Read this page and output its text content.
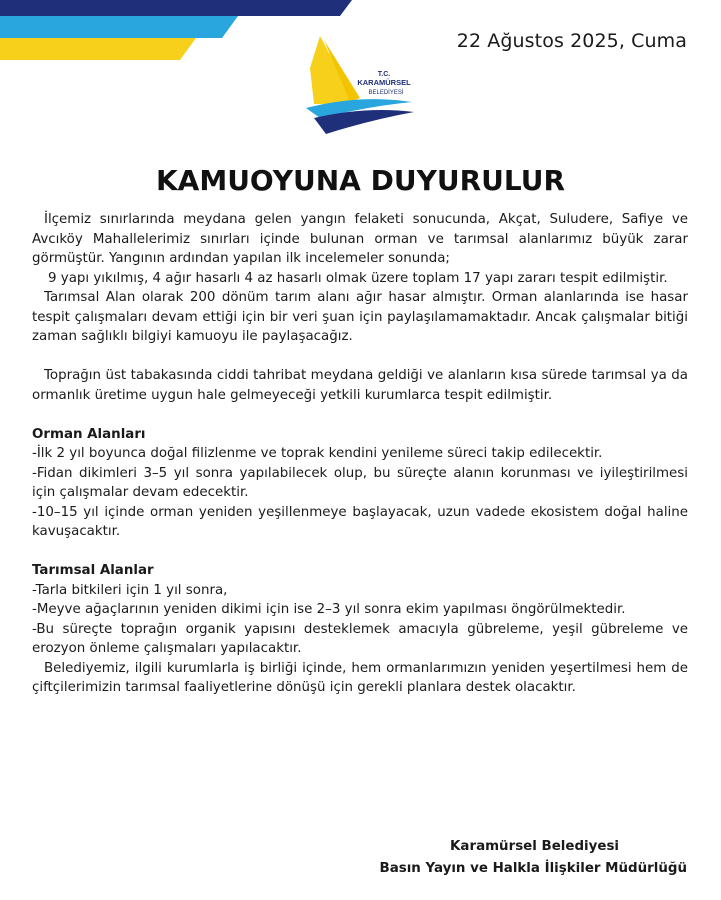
22 Ağustos 2025, Cuma
T.C.
KARAMÜRSEL
BELEDİYESİ
KAMUOYUNA DUYURULUR

İlçemiz sınırlarında meydana gelen yangın felaketi sonucunda, Akçat, Suludere, Safiye ve Avcıköy Mahallelerimiz sınırları içinde bulunan orman ve tarımsal alanlarımız büyük zarar görmüştür. Yangının ardından yapılan ilk incelemeler sonunda;

9 yapı yıkılmış, 4 ağır hasarlı 4 az hasarlı olmak üzere toplam 17 yapı zararı tespit edilmiştir.

Tarımsal Alan olarak 200 dönüm tarım alanı ağır hasar almıştır. Orman alanlarında ise hasar tespit çalışmaları devam ettiği için bir veri şuan için paylaşılamamaktadır. Ancak çalışmalar bitiği zaman sağlıklı bilgiyi kamuoyu ile paylaşacağız.

Toprağın üst tabakasında ciddi tahribat meydana geldiği ve alanların kısa sürede tarımsal ya da ormanlık üretime uygun hale gelmeyeceği yetkili kurumlarca tespit edilmiştir.

Orman Alanları

-İlk 2 yıl boyunca doğal filizlenme ve toprak kendini yenileme süreci takip edilecektir.

-Fidan dikimleri 3–5 yıl sonra yapılabilecek olup, bu süreçte alanın korunması ve iyileştirilmesi için çalışmalar devam edecektir.

-10–15 yıl içinde orman yeniden yeşillenmeye başlayacak, uzun vadede ekosistem doğal haline kavuşacaktır.

Tarımsal Alanlar

-Tarla bitkileri için 1 yıl sonra,

-Meyve ağaçlarının yeniden dikimi için ise 2–3 yıl sonra ekim yapılması öngörülmektedir.

-Bu süreçte toprağın organik yapısını desteklemek amacıyla gübreleme, yeşil gübreleme ve erozyon önleme çalışmaları yapılacaktır.

Belediyemiz, ilgili kurumlarla iş birliği içinde, hem ormanlarımızın yeniden yeşertilmesi hem de çiftçilerimizin tarımsal faaliyetlerine dönüşü için gerekli planlara destek olacaktır.

Karamürsel Belediyesi
Basın Yayın ve Halkla İlişkiler Müdürlüğü
